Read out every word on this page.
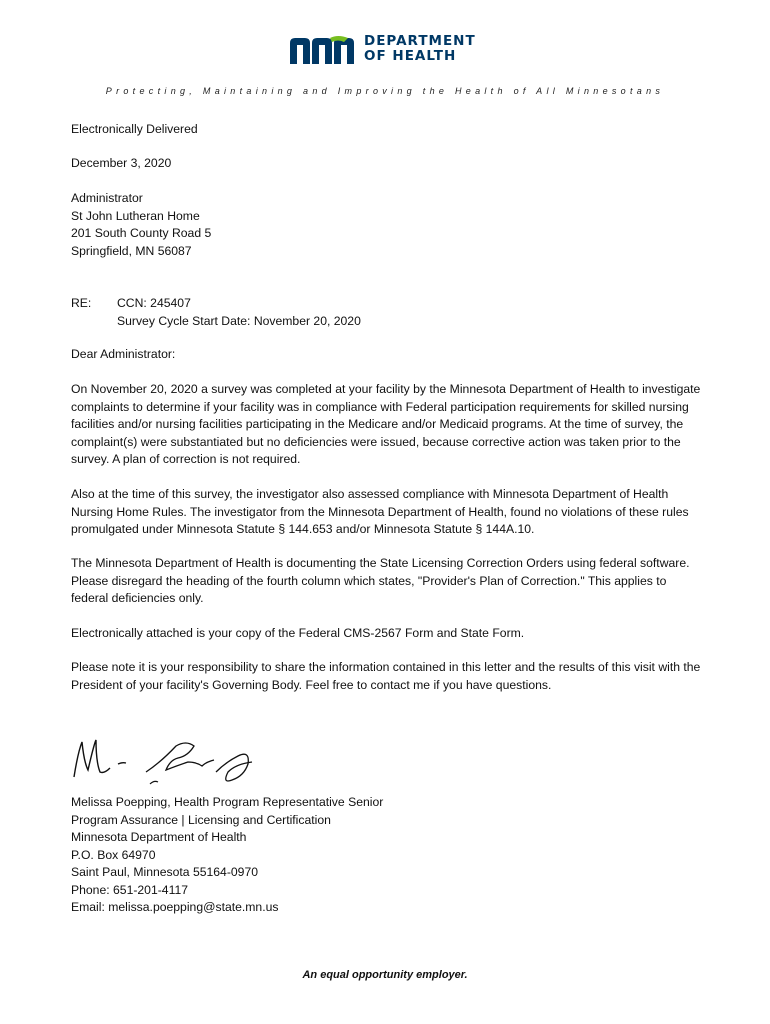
DEPARTMENT
OF HEALTH
Protecting, Maintaining and Improving the Health of All Minnesotans
Electronically Delivered
December 3, 2020
Administrator
St John Lutheran Home
201 South County Road 5
Springfield, MN 56087
RE: CCN: 245407
Survey Cycle Start Date: November 20, 2020
Dear Administrator:
On November 20, 2020 a survey was completed at your facility by the Minnesota Department of Health to investigate complaints to determine if your facility was in compliance with Federal participation requirements for skilled nursing facilities and/or nursing facilities participating in the Medicare and/or Medicaid programs. At the time of survey, the complaint(s) were substantiated but no deficiencies were issued, because corrective action was taken prior to the survey. A plan of correction is not required.
Also at the time of this survey, the investigator also assessed compliance with Minnesota Department of Health Nursing Home Rules. The investigator from the Minnesota Department of Health, found no violations of these rules promulgated under Minnesota Statute § 144.653 and/or Minnesota Statute § 144A.10.
The Minnesota Department of Health is documenting the State Licensing Correction Orders using federal software. Please disregard the heading of the fourth column which states, "Provider's Plan of Correction." This applies to federal deficiencies only.
Electronically attached is your copy of the Federal CMS-2567 Form and State Form.
Please note it is your responsibility to share the information contained in this letter and the results of this visit with the President of your facility's Governing Body. Feel free to contact me if you have questions.
Melissa Poepping, Health Program Representative Senior
Program Assurance | Licensing and Certification
Minnesota Department of Health
P.O. Box 64970
Saint Paul, Minnesota 55164-0970
Phone: 651-201-4117
Email: melissa.poepping@state.mn.us
An equal opportunity employer.
